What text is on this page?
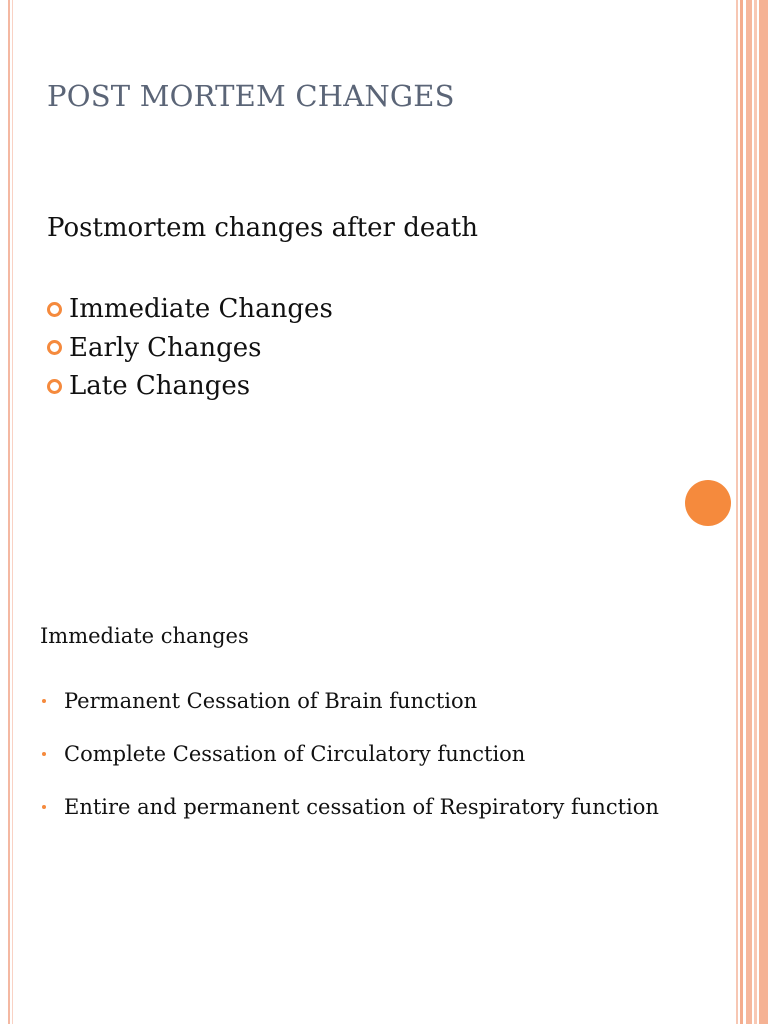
POST MORTEM CHANGES

Postmortem changes after death

Immediate Changes
Early Changes
Late Changes

Immediate changes

Permanent Cessation of Brain function
Complete Cessation of Circulatory function
Entire and permanent cessation of Respiratory function
